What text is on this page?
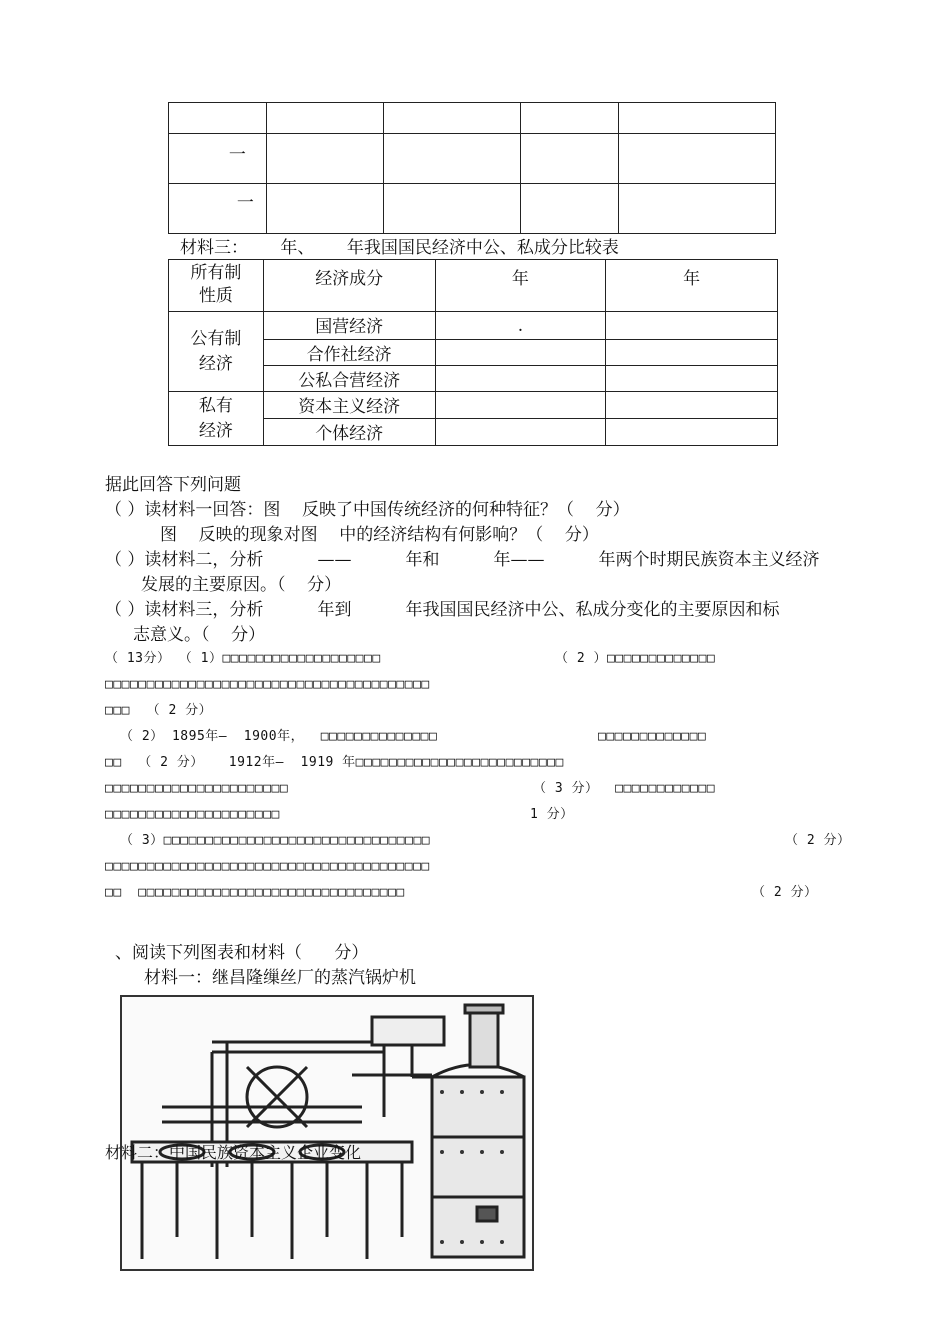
一				
一				
材料三：      年、      年我国国民经济中公、私成分比较表
所有制
性质	经济成分	年	年
公有制
经济	国营经济	.	
	合作社经济		
	公私合营经济		
私有
经济	资本主义经济		
	个体经济		
据此回答下列问题
（ ）读材料一回答：图    反映了中国传统经济的何种特征？（    分）
图    反映的现象对图    中的经济结构有何影响？（    分）
（ ）读材料二，分析          ——          年和          年——          年两个时期民族资本主义经济
发展的主要原因。（    分）
（ ）读材料三，分析          年到          年我国国民经济中公、私成分变化的主要原因和标
志意义。（    分）
（ 13分） （ 1）□□□□□□□□□□□□□□□□□□□	（ 2 ）□□□□□□□□□□□□□
□□□□□□□□□□□□□□□□□□□□□□□□□□□□□□□□□□□□□□□
□□□  （ 2 分）
（ 2） 1895年—  1900年，  □□□□□□□□□□□□□□	□□□□□□□□□□□□□
□□  （ 2 分）   1912年—  1919 年□□□□□□□□□□□□□□□□□□□□□□□□□
□□□□□□□□□□□□□□□□□□□□□□	（ 3 分）  □□□□□□□□□□□□
□□□□□□□□□□□□□□□□□□□□□	1 分）
（ 3）□□□□□□□□□□□□□□□□□□□□□□□□□□□□□□□□	（ 2 分）
□□□□□□□□□□□□□□□□□□□□□□□□□□□□□□□□□□□□□□□
□□  □□□□□□□□□□□□□□□□□□□□□□□□□□□□□□□□	（ 2 分）
、阅读下列图表和材料（      分）
材料一：继昌隆缫丝厂的蒸汽锅炉机
材料二：中国民族资本主义企业变化
